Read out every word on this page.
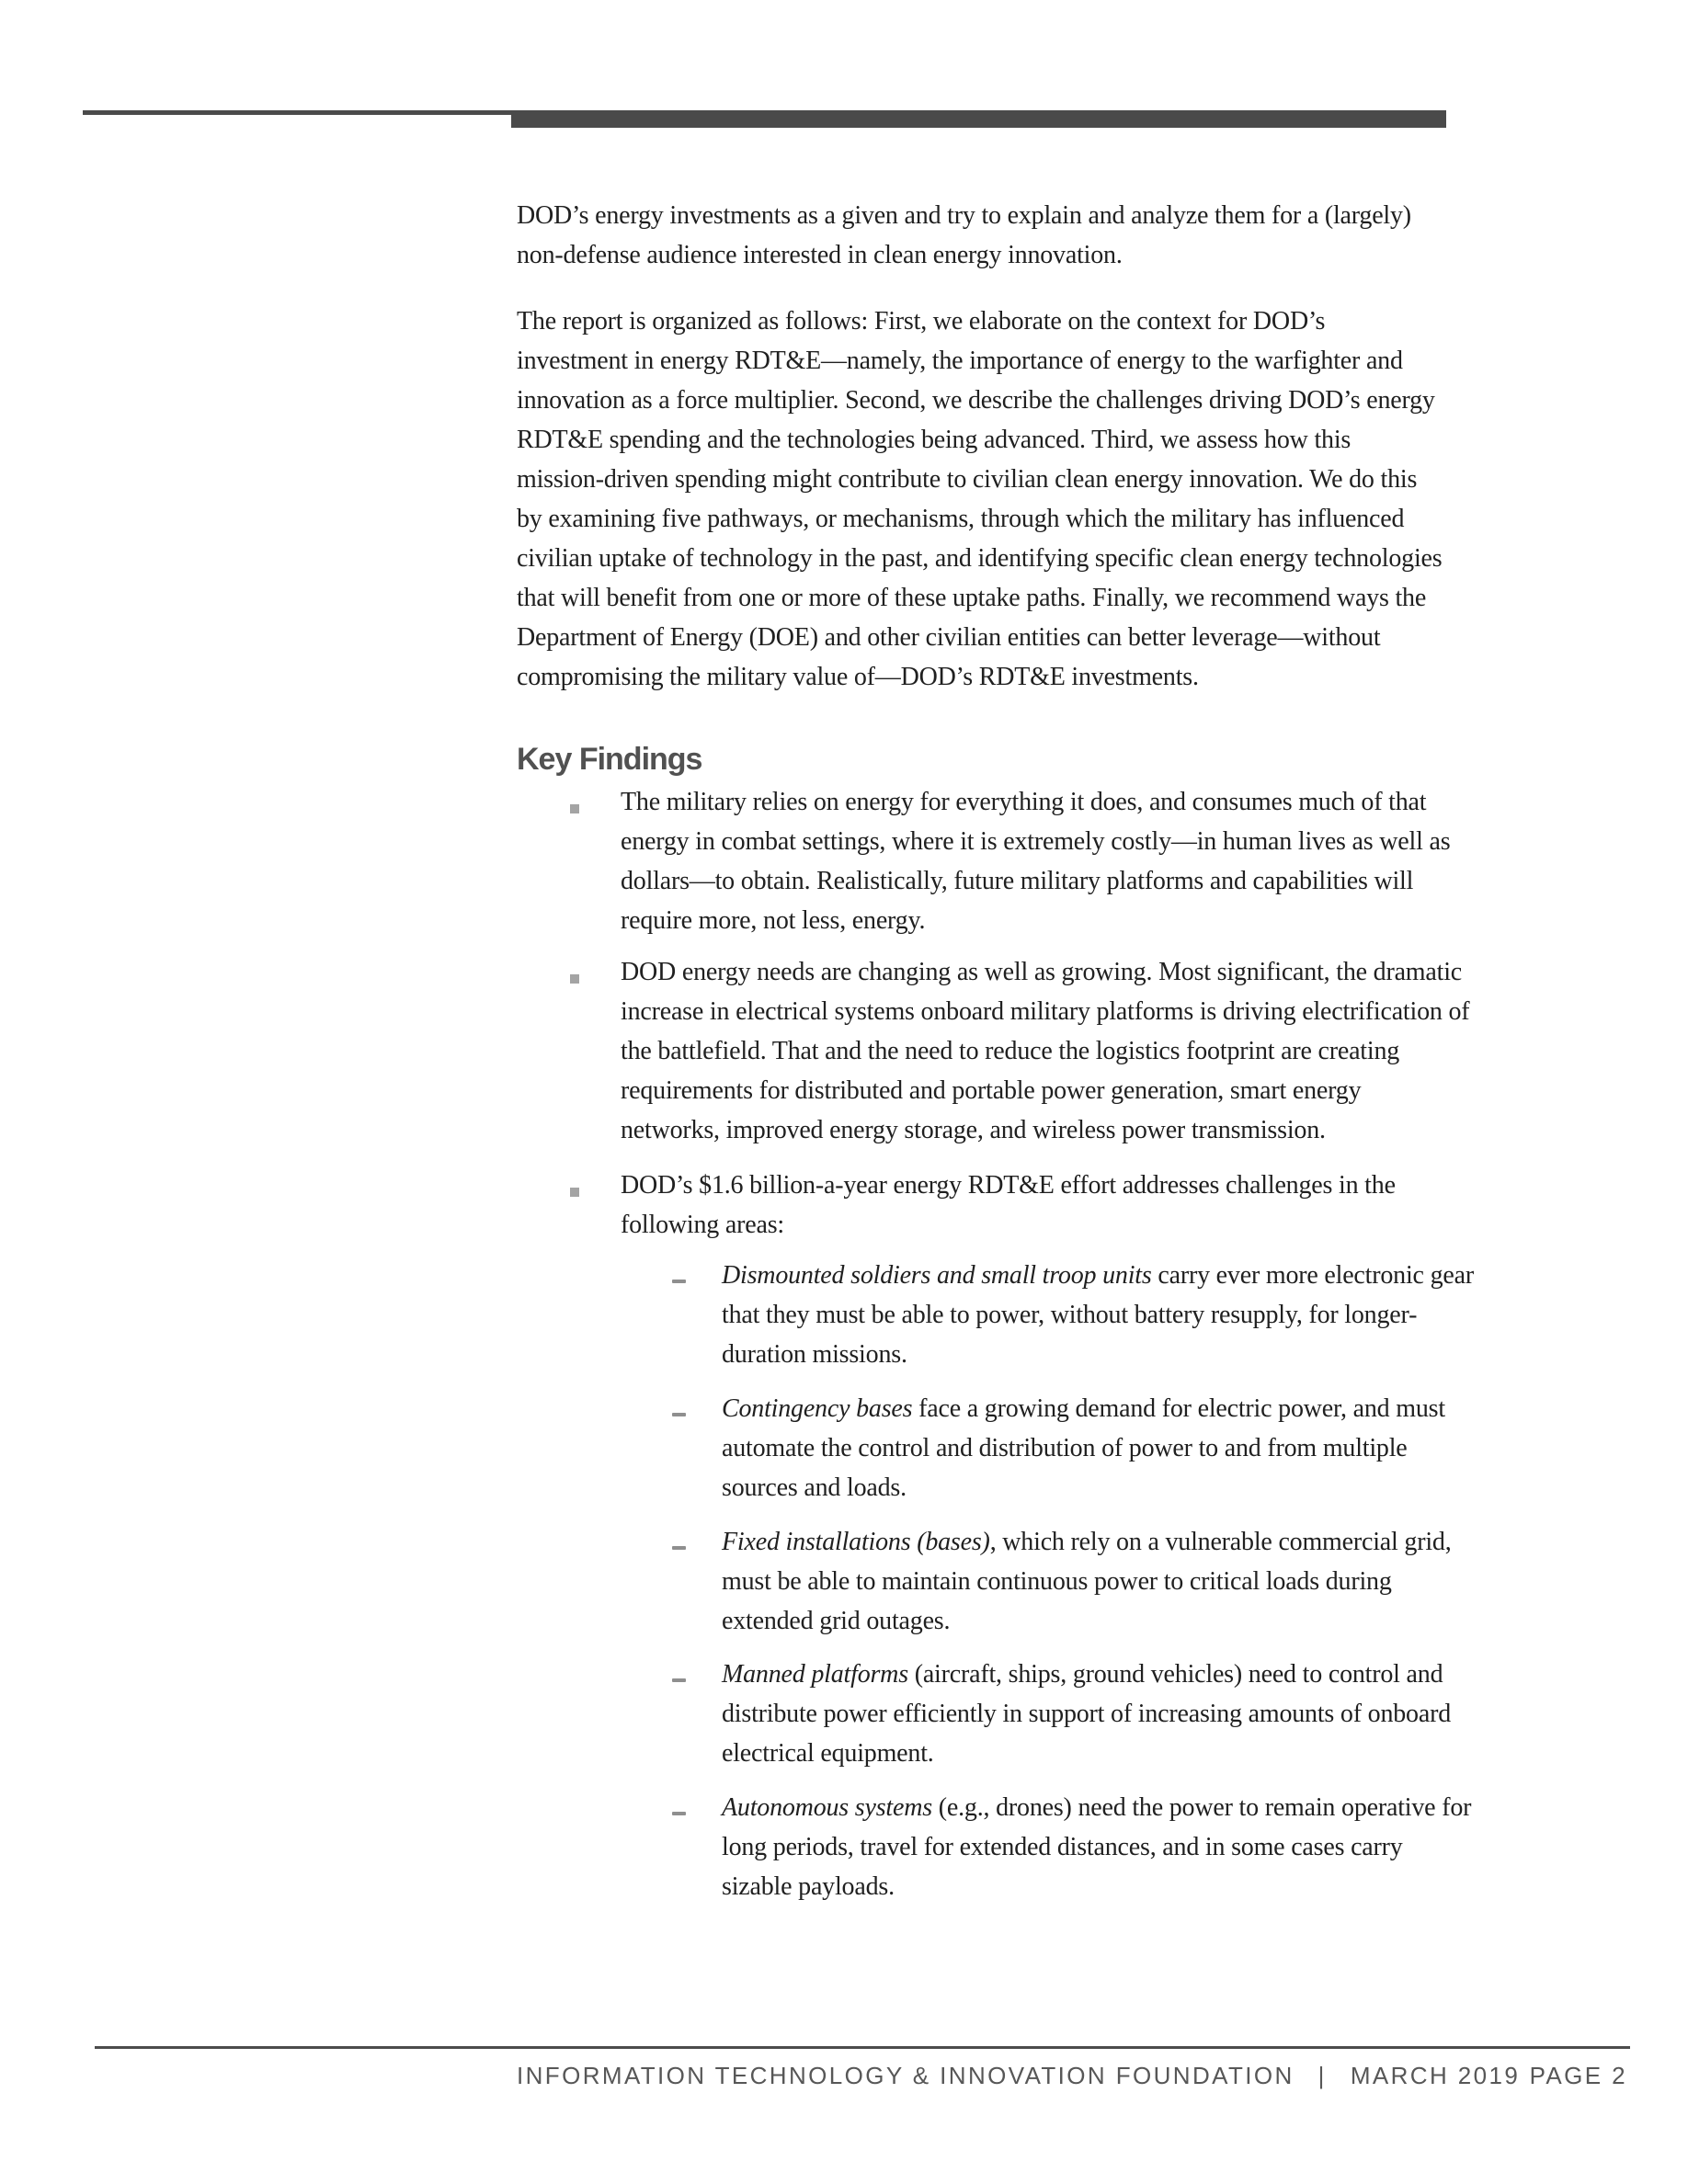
DOD’s energy investments as a given and try to explain and analyze them for a (largely)
non-defense audience interested in clean energy innovation.
The report is organized as follows: First, we elaborate on the context for DOD’s
investment in energy RDT&E—namely, the importance of energy to the warfighter and
innovation as a force multiplier. Second, we describe the challenges driving DOD’s energy
RDT&E spending and the technologies being advanced. Third, we assess how this
mission-driven spending might contribute to civilian clean energy innovation. We do this
by examining five pathways, or mechanisms, through which the military has influenced
civilian uptake of technology in the past, and identifying specific clean energy technologies
that will benefit from one or more of these uptake paths. Finally, we recommend ways the
Department of Energy (DOE) and other civilian entities can better leverage—without
compromising the military value of—DOD’s RDT&E investments.
Key Findings
The military relies on energy for everything it does, and consumes much of that
energy in combat settings, where it is extremely costly—in human lives as well as
dollars—to obtain. Realistically, future military platforms and capabilities will
require more, not less, energy.
DOD energy needs are changing as well as growing. Most significant, the dramatic
increase in electrical systems onboard military platforms is driving electrification of
the battlefield. That and the need to reduce the logistics footprint are creating
requirements for distributed and portable power generation, smart energy
networks, improved energy storage, and wireless power transmission.
DOD’s $1.6 billion-a-year energy RDT&E effort addresses challenges in the
following areas:
Dismounted soldiers and small troop units carry ever more electronic gear
that they must be able to power, without battery resupply, for longer-
duration missions.
Contingency bases face a growing demand for electric power, and must
automate the control and distribution of power to and from multiple
sources and loads.
Fixed installations (bases), which rely on a vulnerable commercial grid,
must be able to maintain continuous power to critical loads during
extended grid outages.
Manned platforms (aircraft, ships, ground vehicles) need to control and
distribute power efficiently in support of increasing amounts of onboard
electrical equipment.
Autonomous systems (e.g., drones) need the power to remain operative for
long periods, travel for extended distances, and in some cases carry
sizable payloads.
INFORMATION TECHNOLOGY & INNOVATION FOUNDATION | MARCH 2019 PAGE 2
